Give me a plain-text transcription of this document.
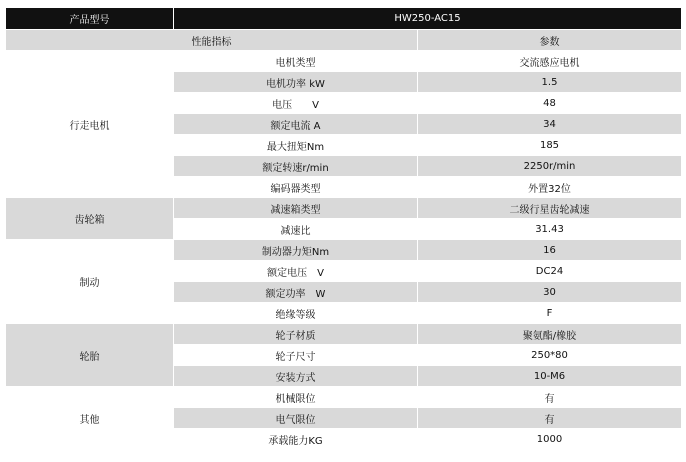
产品型号	HW250-AC15	
性能指标		参数
行走电机	电机类型	交流感应电机
	电机功率 kW	1.5
	电压　　V	48
	额定电流 A	34
	最大扭矩Nm	185
	额定转速r/min	2250r/min
	编码器类型	外置32位
齿轮箱	减速箱类型	二级行星齿轮减速
	减速比	31.43
制动	制动器力矩Nm	16
	额定电压　V	DC24
	额定功率　W	30
	绝缘等级	F
轮胎	轮子材质	聚氨酯/橡胶
	轮子尺寸	250*80
	安装方式	10-M6
其他	机械限位	有
	电气限位	有
	承载能力KG	1000
